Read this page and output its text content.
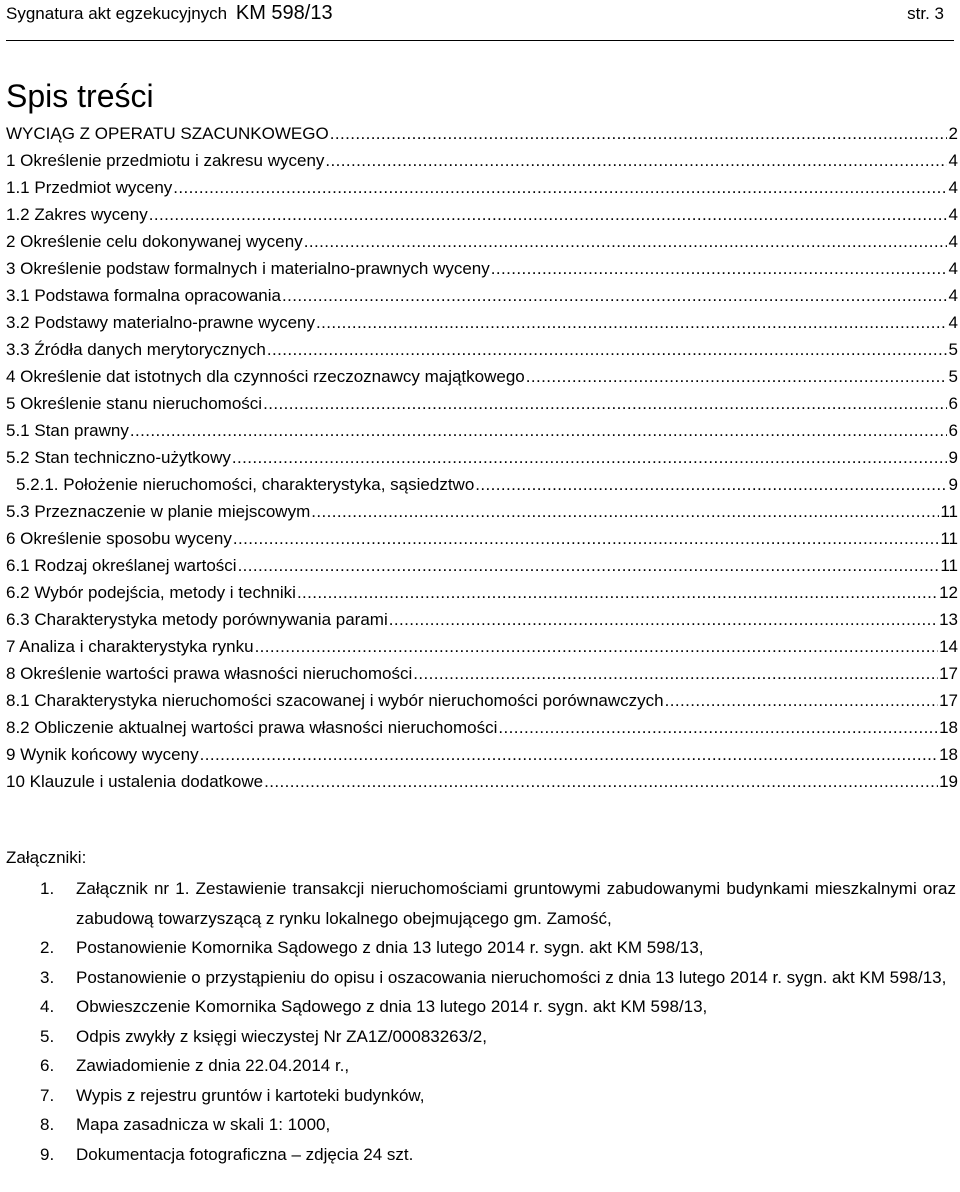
Sygnatura akt egzekucyjnych KM 598/13	str. 3
Spis treści
WYCIĄG Z OPERATU SZACUNKOWEGO .....	2
1 Określenie przedmiotu i zakresu wyceny .....	4
1.1 Przedmiot wyceny .....	4
1.2 Zakres wyceny .....	4
2 Określenie celu dokonywanej wyceny .....	4
3 Określenie podstaw formalnych i materialno-prawnych wyceny .....	4
3.1 Podstawa formalna opracowania .....	4
3.2 Podstawy materialno-prawne wyceny .....	4
3.3 Źródła danych merytorycznych .....	5
4 Określenie dat istotnych dla czynności rzeczoznawcy majątkowego .....	5
5 Określenie stanu nieruchomości .....	6
5.1 Stan prawny .....	6
5.2 Stan techniczno-użytkowy .....	9
5.2.1. Położenie nieruchomości, charakterystyka, sąsiedztwo .....	9
5.3 Przeznaczenie w planie miejscowym .....	11
6 Określenie sposobu wyceny .....	11
6.1 Rodzaj określanej wartości .....	11
6.2 Wybór podejścia, metody i techniki .....	12
6.3 Charakterystyka metody porównywania parami .....	13
7 Analiza i charakterystyka rynku .....	14
8 Określenie wartości prawa własności nieruchomości .....	17
8.1 Charakterystyka nieruchomości szacowanej i wybór nieruchomości porównawczych .....	17
8.2 Obliczenie aktualnej wartości prawa własności nieruchomości .....	18
9 Wynik końcowy wyceny .....	18
10 Klauzule i ustalenia dodatkowe .....	19
Załączniki:
1.	Załącznik nr 1. Zestawienie transakcji nieruchomościami gruntowymi zabudowanymi budynkami mieszkalnymi oraz zabudową towarzyszącą z rynku lokalnego obejmującego gm. Zamość,
2.	Postanowienie Komornika Sądowego z dnia 13 lutego 2014 r. sygn. akt KM 598/13,
3.	Postanowienie o przystąpieniu do opisu i oszacowania nieruchomości z dnia 13 lutego 2014 r. sygn. akt KM 598/13,
4.	Obwieszczenie Komornika Sądowego z dnia 13 lutego 2014 r. sygn. akt KM 598/13,
5.	Odpis zwykły z księgi wieczystej Nr ZA1Z/00083263/2,
6.	Zawiadomienie z dnia 22.04.2014 r.,
7.	Wypis z rejestru gruntów i kartoteki budynków,
8.	Mapa zasadnicza w skali 1: 1000,
9.	Dokumentacja fotograficzna – zdjęcia 24 szt.
